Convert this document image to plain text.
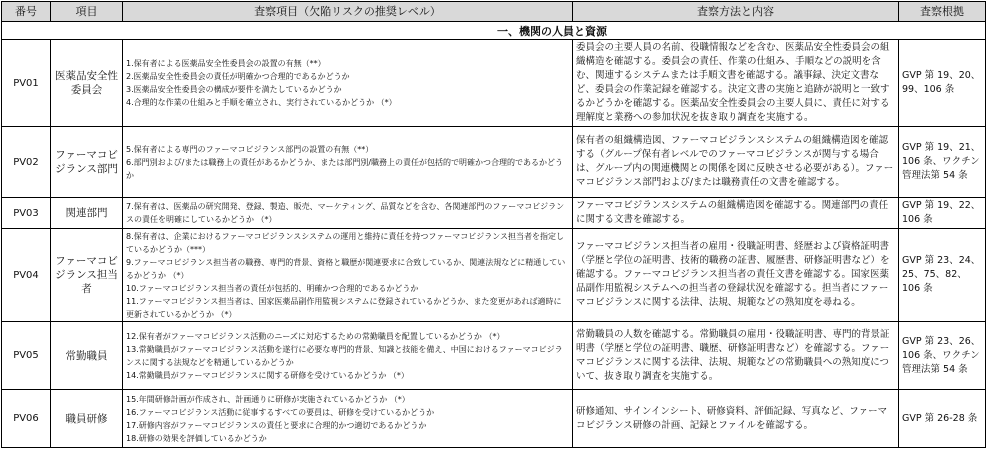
番号	項目	査察項目（欠陥リスクの推奨レベル）	査察方法と内容	査察根拠
一、機関の人員と資源				
PV01	医薬品安全性委員会	1.保有者による医薬品安全性委員会の設置の有無（**）
2.医薬品安全性委員会の責任が明確かつ合理的であるかどうか
3.医薬品安全性委員会の構成が要件を満たしているかどうか
4.合理的な作業の仕組みと手順を確立され、実行されているかどうか （*）	委員会の主要人員の名前、役職情報などを含む、医薬品安全性委員会の組織構造を確認する。委員会の責任、作業の仕組み、手順などの説明を含む、関連するシステムまたは手順文書を確認する。議事録、決定文書など、委員会の作業記録を確認する。決定文書の実施と追跡が説明と一致するかどうかを確認する。医薬品安全性委員会の主要人員に、責任に対する理解度と業務への参加状況を抜き取り調査を実施する。	GVP 第 19、20、99、106 条
PV02	ファーマコビジランス部門	5.保有者による専門のファーマコビジランス部門の設置の有無（**）
6.部門別および/または職務上の責任があるかどうか、または部門別/職務上の責任が包括的で明確かつ合理的であるかどうか	保有者の組織構造図、ファーマコビジランスシステムの組織構造図を確認する（グループ保有者レベルでのファーマコビジランスが関与する場合は、グループ内の関連機関との関係を図に反映させる必要がある）。ファーマコビジランス部門および/または職務責任の文書を確認する。	GVP 第 19、21、106 条、ワクチン管理法第 54 条
PV03	関連部門	7.保有者は、医薬品の研究開発、登録、製造、販売、マーケティング、品質などを含む、各関連部門のファーマコビジランスの責任を明確にしているかどうか （*）	ファーマコビジランスシステムの組織構造図を確認する。関連部門の責任に関する文書を確認する。	GVP 第 19、22、106 条
PV04	ファーマコビジランス担当者	8.保有者は、企業におけるファーマコビジランスシステムの運用と維持に責任を持つファーマコビジランス担当者を指定しているかどうか（***）
9.ファーマコビジランス担当者の職務、専門的背景、資格と職歴が関連要求に合致しているか、関連法規などに精通しているかどうか （*）
10.ファーマコビジランス担当者の責任が包括的、明確かつ合理的であるかどうか
11.ファーマコビジランス担当者は、国家医薬品副作用監視システムに登録されているかどうか、また変更があれば適時に更新されているかどうか （*）	ファーマコビジランス担当者の雇用・役職証明書、経歴および資格証明書（学歴と学位の証明書、技術的職務の証書、履歴書、研修証明書など）を確認する。ファーマコビジランス担当者の責任文書を確認する。国家医薬品副作用監視システムへの担当者の登録状況を確認する。担当者にファーマコビジランスに関する法律、法規、規範などの熟知度を尋ねる。	GVP 第 23、24、25、75、82、106 条
PV05	常勤職員	12.保有者がファーマコビジランス活動のニーズに対応するための常勤職員を配置しているかどうか （*）
13.常勤職員がファーマコビジランス活動を遂行に必要な専門的背景、知識と技能を備え、中国におけるファーマコビジランスに関する法規などを精通しているかどうか
14.常勤職員がファーマコビジランスに関する研修を受けているかどうか （*）	常勤職員の人数を確認する。常勤職員の雇用・役職証明書、専門的背景証明書（学歴と学位の証明書、職歴、研修証明書など）を確認する。ファーマコビジランスに関する法律、法規、規範などの常勤職員への熟知度について、抜き取り調査を実施する。	GVP 第 23、26、106 条、ワクチン管理法第 54 条
PV06	職員研修	15.年間研修計画が作成され、計画通りに研修が実施されているかどうか （*）
16.ファーマコビジランス活動に従事するすべての要員は、研修を受けているかどうか
17.研修内容がファーマコビジランスの責任と要求に合理的かつ適切であるかどうか
18.研修の効果を評価しているかどうか	研修通知、サインインシート、研修資料、評価記録、写真など、ファーマコビジランス研修の計画、記録とファイルを確認する。	GVP 第 26-28 条
